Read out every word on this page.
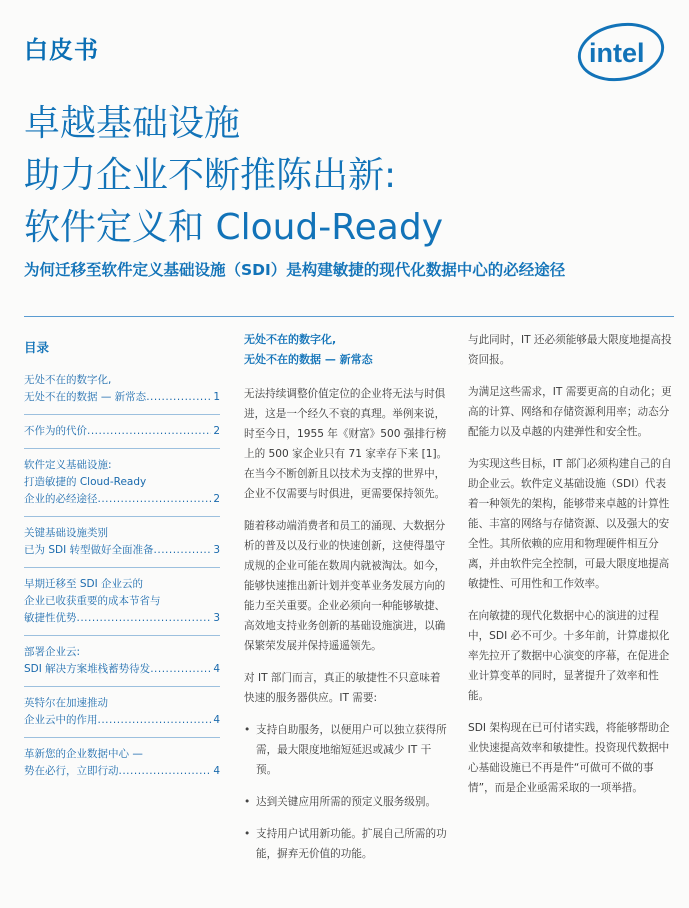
白皮书	intel
卓越基础设施
助力企业不断推陈出新:
软件定义和 Cloud-Ready
为何迁移至软件定义基础设施（SDI）是构建敏捷的现代化数据中心的必经途径
目录
无处不在的数字化,
无处不在的数据 — 新常态 .....	1
不作为的代价 .....	2
软件定义基础设施:
打造敏捷的 Cloud-Ready
企业的必经途径 .....	2
关键基础设施类别
已为 SDI 转型做好全面准备 .....	3
早期迁移至 SDI 企业云的
企业已收获重要的成本节省与
敏捷性优势 .....	3
部署企业云:
SDI 解决方案堆栈蓄势待发 .....	4
英特尔在加速推动
企业云中的作用 .....	4
革新您的企业数据中心 —
势在必行，立即行动 .....	4
无处不在的数字化,
无处不在的数据 — 新常态

无法持续调整价值定位的企业将无法与时俱进，这是一个经久不衰的真理。举例来说，时至今日，1955 年《财富》500 强排行榜上的 500 家企业只有 71 家幸存下来 [1]。在当今不断创新且以技术为支撑的世界中，企业不仅需要与时俱进，更需要保持领先。

随着移动端消费者和员工的涌现、大数据分析的普及以及行业的快速创新，这使得墨守成规的企业可能在数周内就被淘汰。如今，能够快速推出新计划并变革业务发展方向的能力至关重要。企业必须向一种能够敏捷、高效地支持业务创新的基础设施演进，以确保繁荣发展并保持遥遥领先。

对 IT 部门而言，真正的敏捷性不只意味着快速的服务器供应。IT 需要:

• 支持自助服务，以便用户可以独立获得所需，最大限度地缩短延迟或减少 IT 干预。
• 达到关键应用所需的预定义服务级别。
• 支持用户试用新功能。扩展自己所需的功能，摒弃无价值的功能。

与此同时，IT 还必须能够最大限度地提高投资回报。

为满足这些需求，IT 需要更高的自动化；更高的计算、网络和存储资源利用率；动态分配能力以及卓越的内建弹性和安全性。

为实现这些目标，IT 部门必须构建自己的自助企业云。软件定义基础设施（SDI）代表着一种领先的架构，能够带来卓越的计算性能、丰富的网络与存储资源、以及强大的安全性。其所依赖的应用和物理硬件相互分离，并由软件完全控制，可最大限度地提高敏捷性、可用性和工作效率。

在向敏捷的现代化数据中心的演进的过程中，SDI 必不可少。十多年前，计算虚拟化率先拉开了数据中心演变的序幕，在促进企业计算变革的同时，显著提升了效率和性能。

SDI 架构现在已可付诸实践，将能够帮助企业快速提高效率和敏捷性。投资现代数据中心基础设施已不再是件“可做可不做的事情”，而是企业亟需采取的一项举措。
